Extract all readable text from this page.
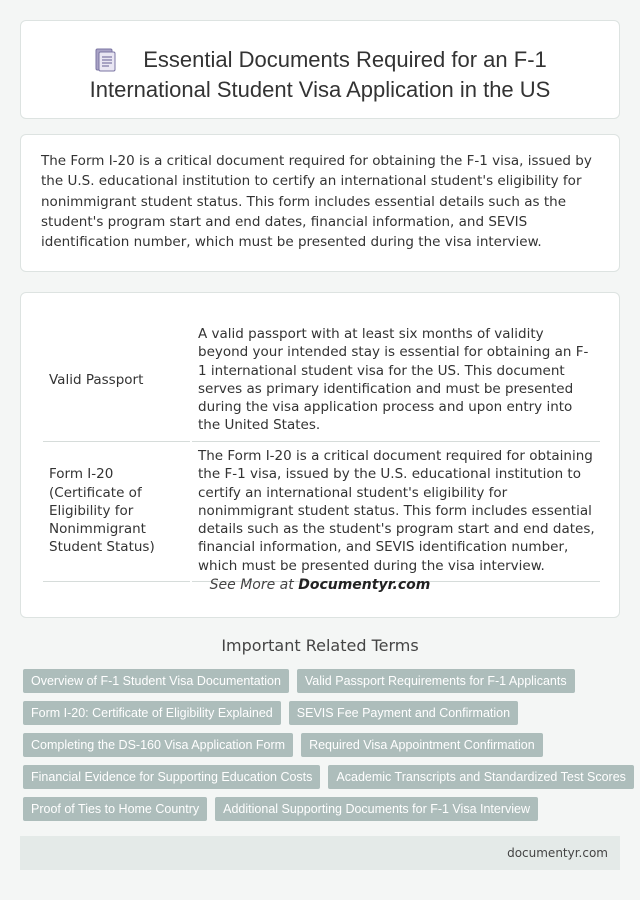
Essential Documents Required for an F-1
International Student Visa Application in the US

The Form I-20 is a critical document required for obtaining the F-1 visa, issued by the U.S. educational institution to certify an international student's eligibility for nonimmigrant student status. This form includes essential details such as the student's program start and end dates, financial information, and SEVIS identification number, which must be presented during the visa interview.

Valid Passport	A valid passport with at least six months of validity beyond your intended stay is essential for obtaining an F-1 international student visa for the US. This document serves as primary identification and must be presented during the visa application process and upon entry into the United States.
Form I-20 (Certificate of Eligibility for Nonimmigrant Student Status)	The Form I-20 is a critical document required for obtaining the F-1 visa, issued by the U.S. educational institution to certify an international student's eligibility for nonimmigrant student status. This form includes essential details such as the student's program start and end dates, financial information, and SEVIS identification number, which must be presented during the visa interview.
See More at Documentyr.com
Important Related Terms
Overview of F-1 Student Visa Documentation	Valid Passport Requirements for F-1 Applicants
Form I-20: Certificate of Eligibility Explained	SEVIS Fee Payment and Confirmation
Completing the DS-160 Visa Application Form	Required Visa Appointment Confirmation
Financial Evidence for Supporting Education Costs	Academic Transcripts and Standardized Test Scores
Proof of Ties to Home Country	Additional Supporting Documents for F-1 Visa Interview
documentyr.com
